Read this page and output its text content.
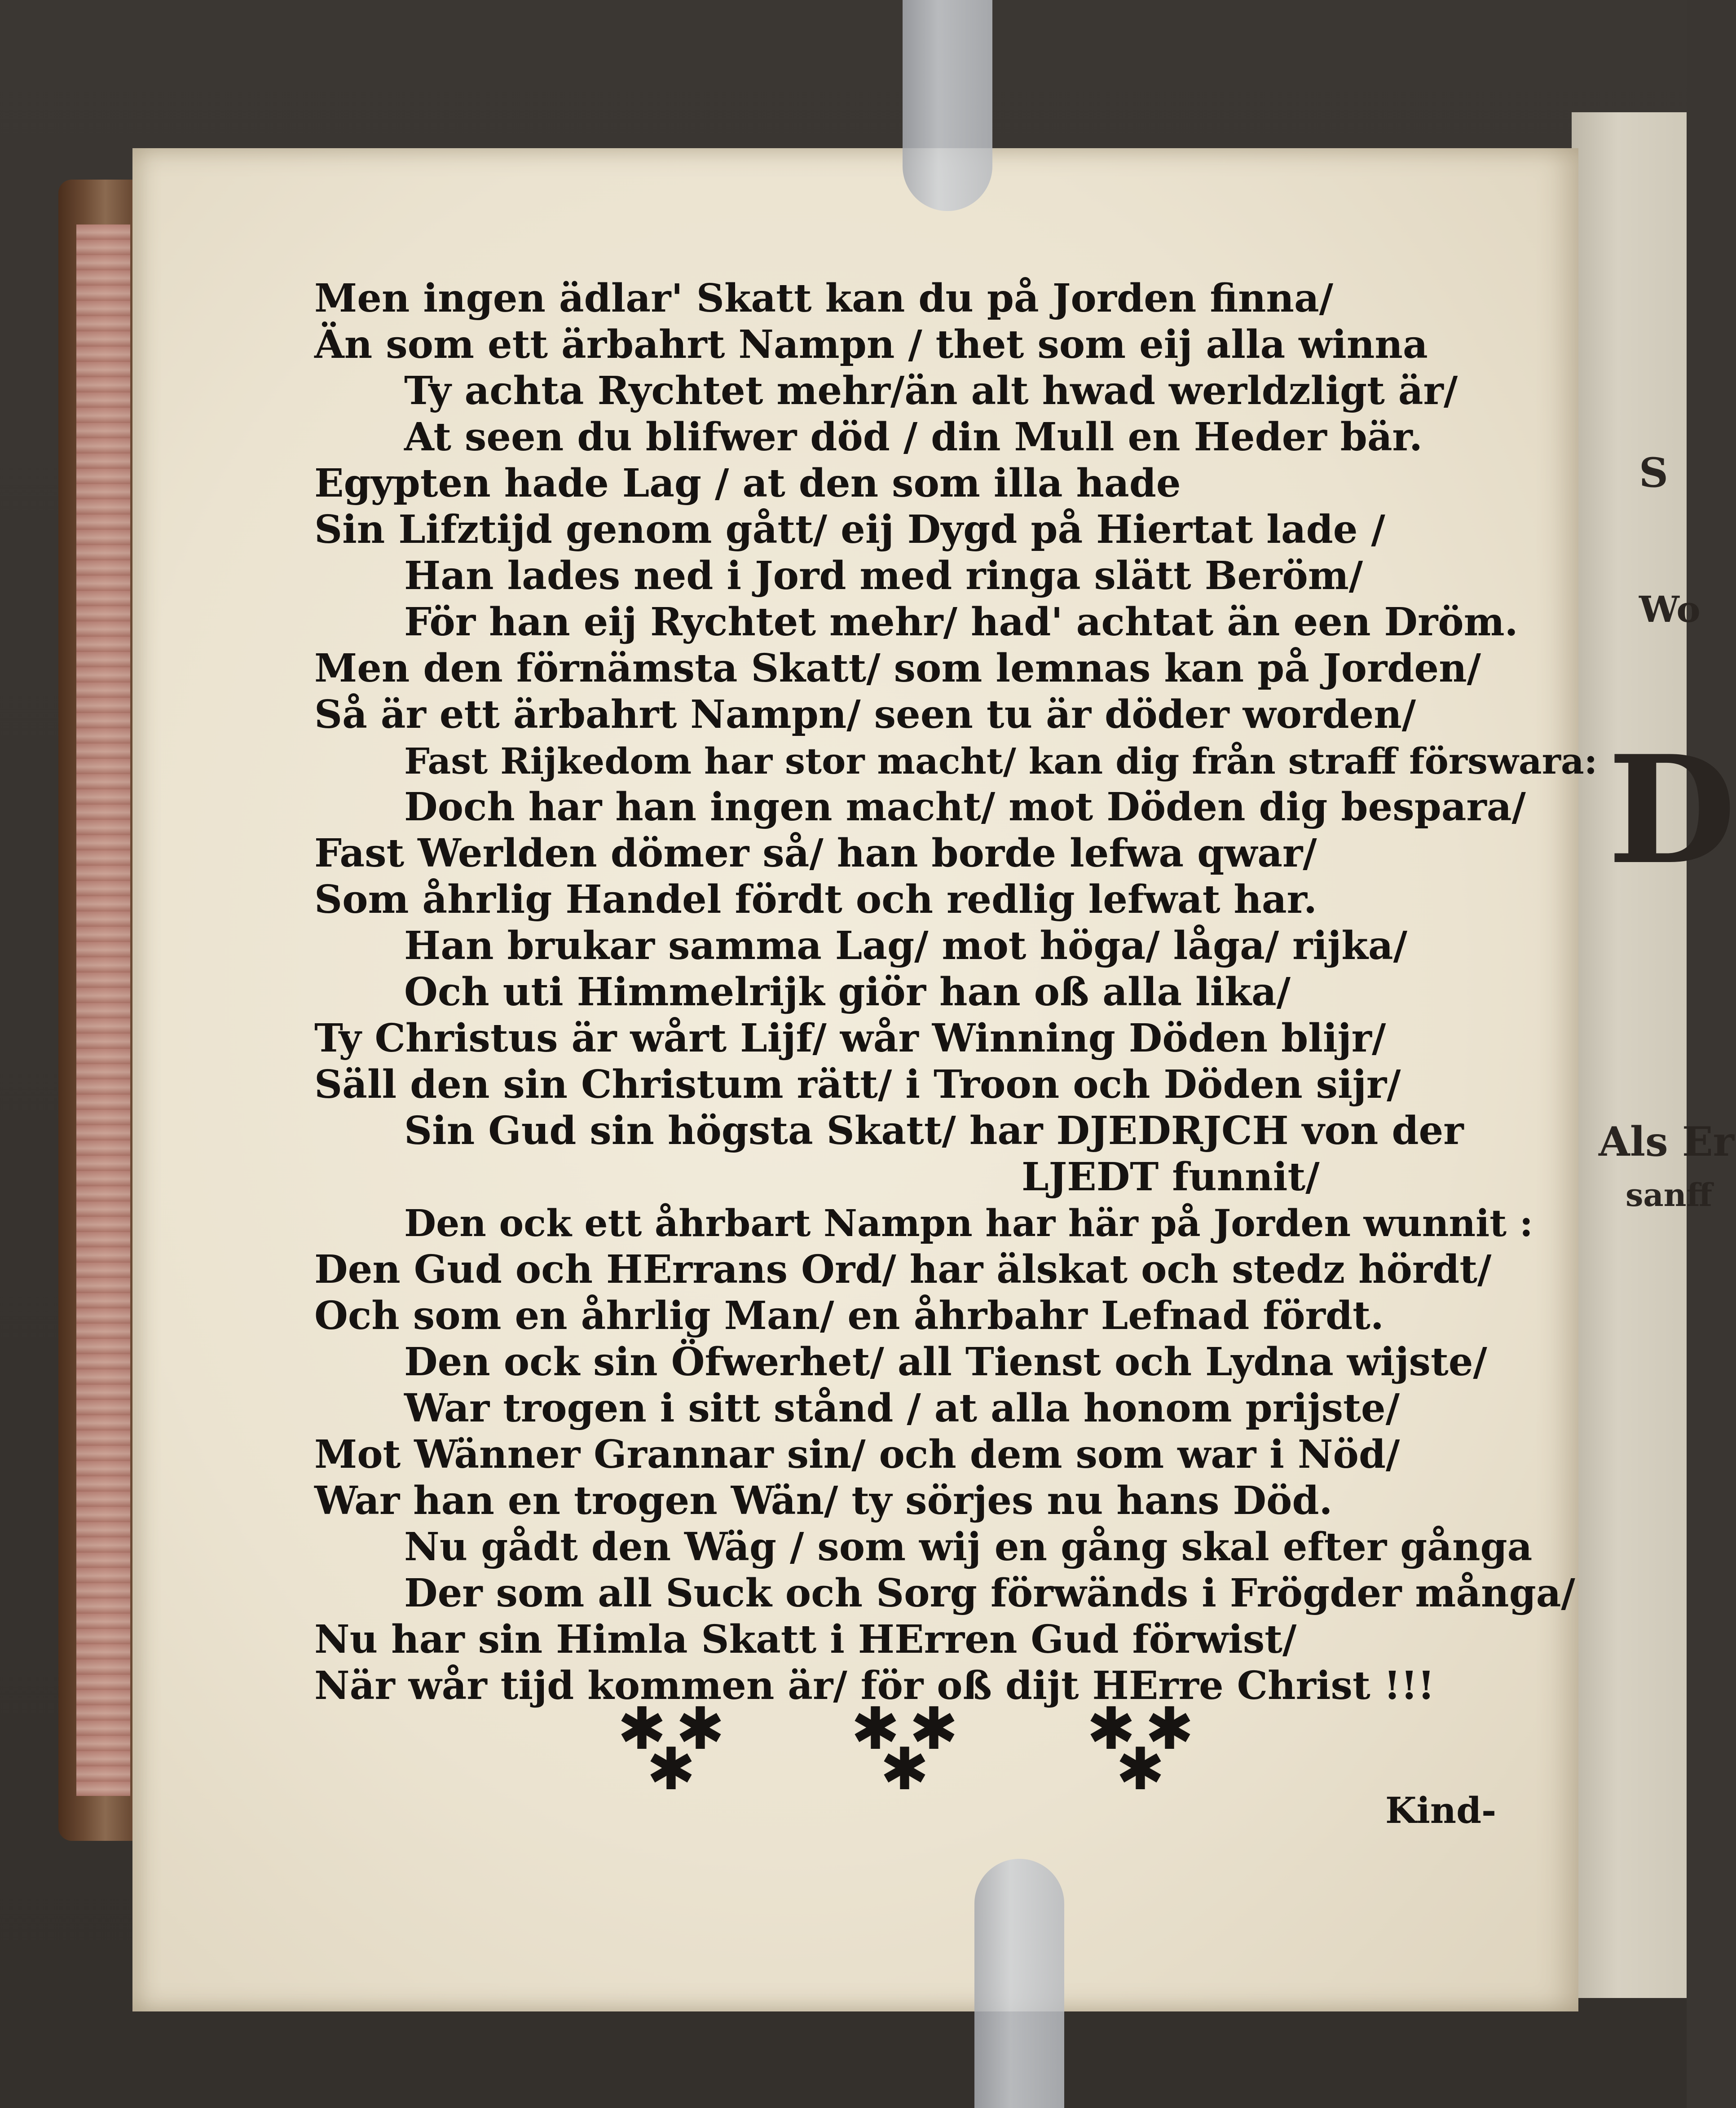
S
Wo
D
Als Er
sanff
Men ingen ädlar' Skatt kan du på Jorden finna/
Än som ett ärbahrt Nampn / thet som eij alla winna
Ty achta Rychtet mehr/än alt hwad werldzligt är/
At seen du blifwer död / din Mull en Heder bär.
Egypten hade Lag / at den som illa hade
Sin Lifztijd genom gått/ eij Dygd på Hiertat lade /
Han lades ned i Jord med ringa slätt Beröm/
För han eij Rychtet mehr/ had' achtat än een Dröm.
Men den förnämsta Skatt/ som lemnas kan på Jorden/
Så är ett ärbahrt Nampn/ seen tu är döder worden/
Fast Rijkedom har stor macht/ kan dig från straff förswara:
Doch har han ingen macht/ mot Döden dig bespara/
Fast Werlden dömer så/ han borde lefwa qwar/
Som åhrlig Handel fördt och redlig lefwat har.
Han brukar samma Lag/ mot höga/ låga/ rijka/
Och uti Himmelrijk giör han oß alla lika/
Ty Christus är wårt Lijf/ wår Winning Döden blijr/
Säll den sin Christum rätt/ i Troon och Döden sijr/
Sin Gud sin högsta Skatt/ har DJEDRJCH von der
LJEDT funnit/
Den ock ett åhrbart Nampn har här på Jorden wunnit :
Den Gud och HErrans Ord/ har älskat och stedz hördt/
Och som en åhrlig Man/ en åhrbahr Lefnad fördt.
Den ock sin Öfwerhet/ all Tienst och Lydna wijste/
War trogen i sitt stånd / at alla honom prijste/
Mot Wänner Grannar sin/ och dem som war i Nöd/
War han en trogen Wän/ ty sörjes nu hans Död.
Nu gådt den Wäg / som wij en gång skal efter gånga
Der som all Suck och Sorg förwänds i Frögder många/
Nu har sin Himla Skatt i HErren Gud förwist/
När wår tijd kommen är/ för oß dijt HErre Christ !!!
✱ ✱
✱
✱ ✱
✱
✱ ✱
✱
Kind-
